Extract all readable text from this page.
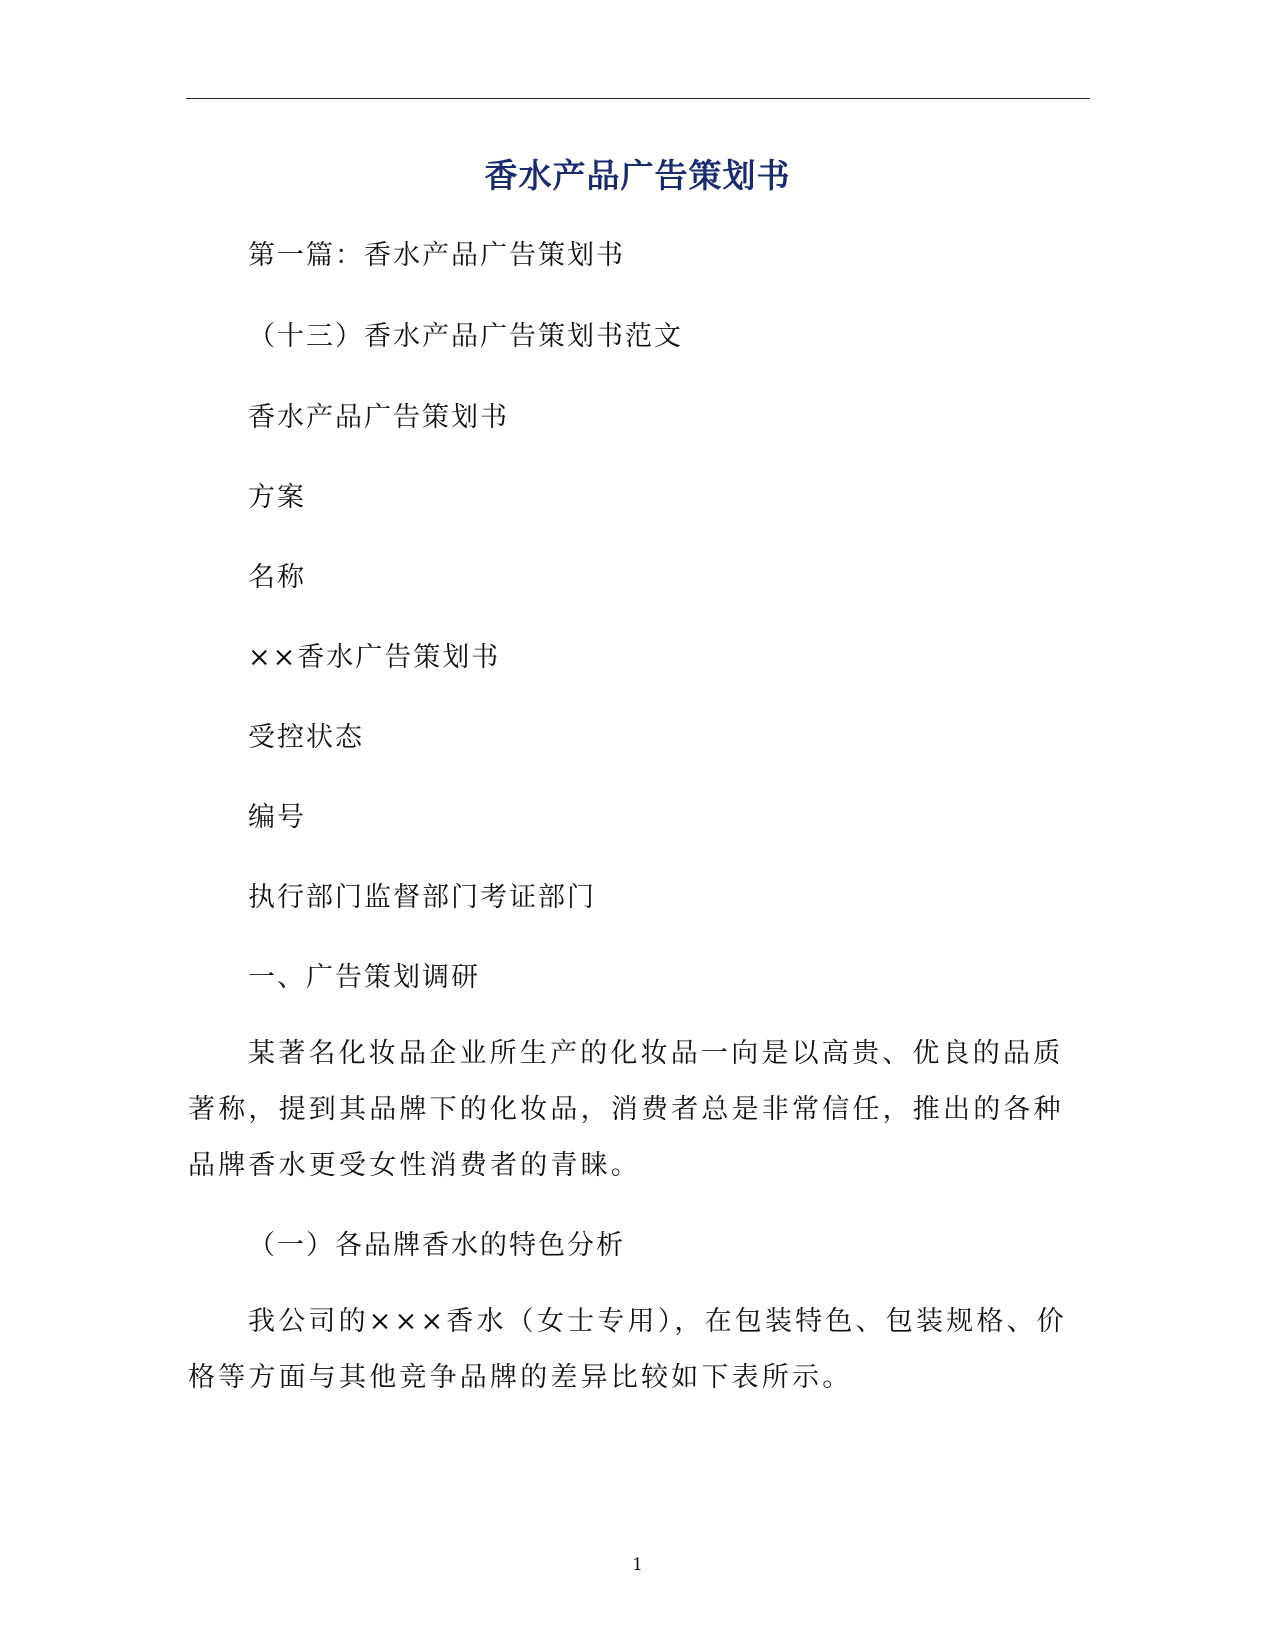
香水产品广告策划书

第一篇：香水产品广告策划书

（十三）香水产品广告策划书范文

香水产品广告策划书

方案

名称

××香水广告策划书

受控状态

编号

执行部门监督部门考证部门

一、广告策划调研

某著名化妆品企业所生产的化妆品一向是以高贵、优良的品质著称，提到其品牌下的化妆品，消费者总是非常信任，推出的各种品牌香水更受女性消费者的青睐。

（一）各品牌香水的特色分析

我公司的×××香水（女士专用），在包装特色、包装规格、价格等方面与其他竞争品牌的差异比较如下表所示。

1
